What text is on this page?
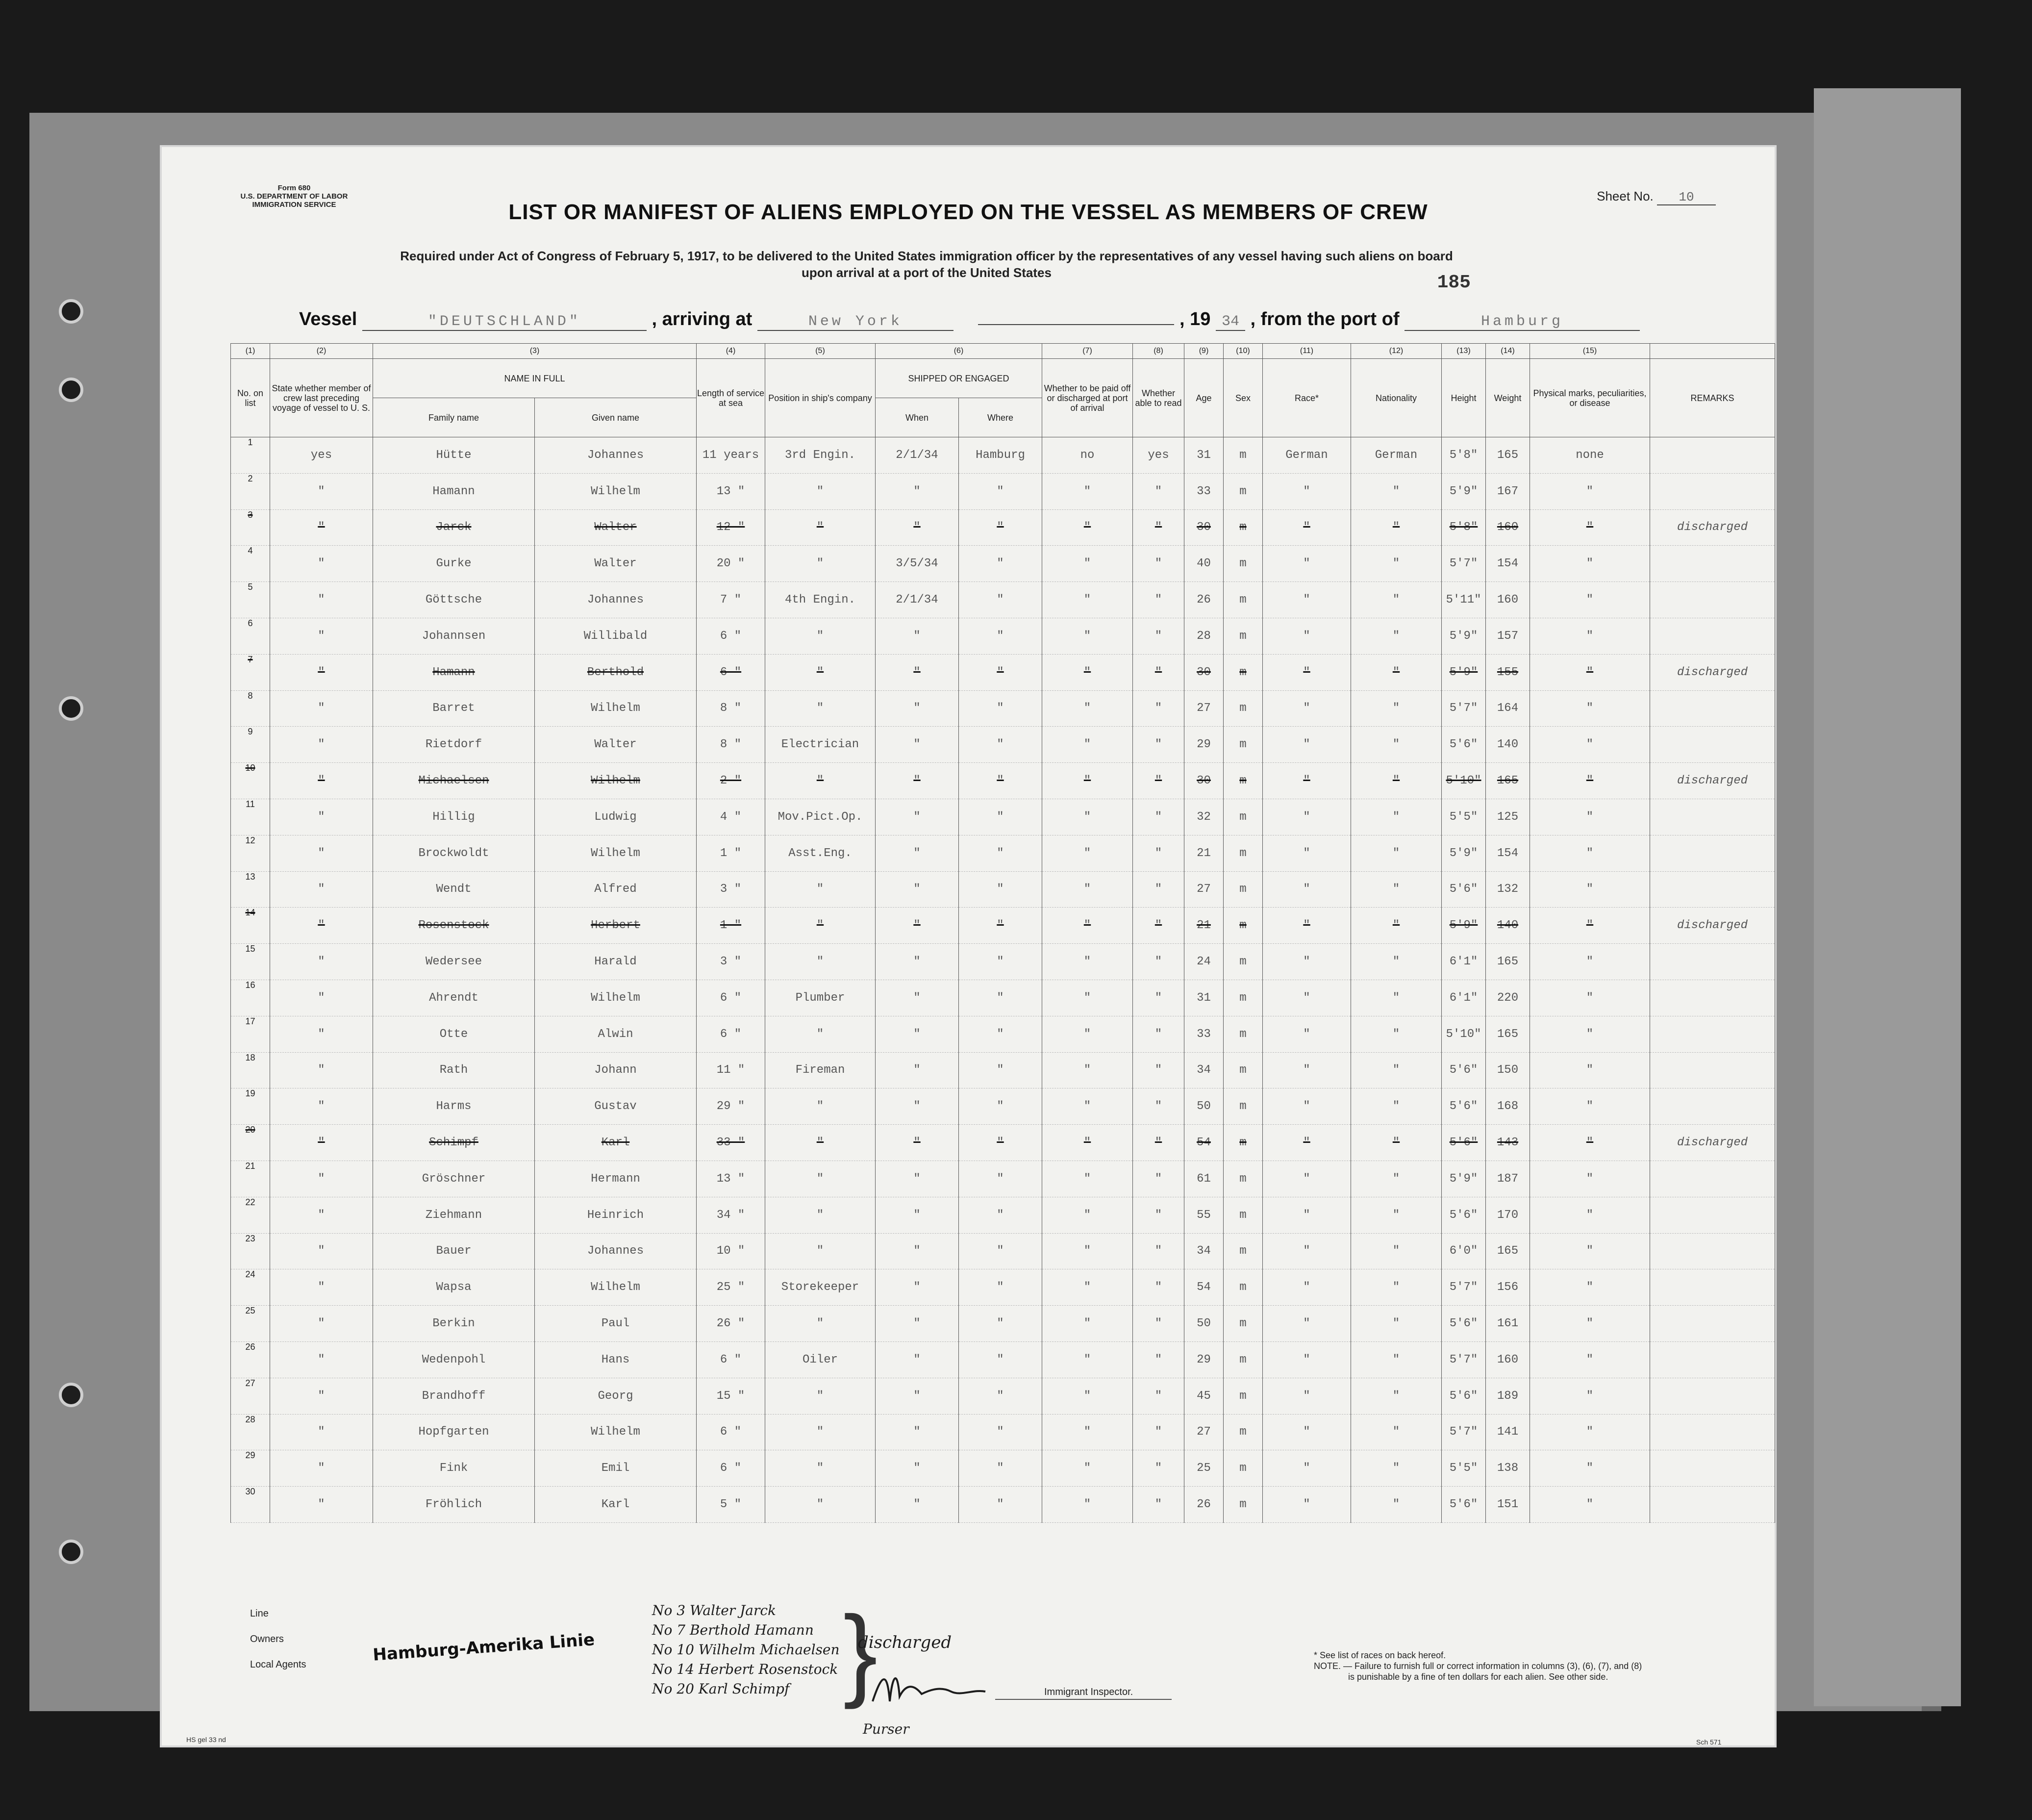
Form 680
U.S. DEPARTMENT OF LABOR
IMMIGRATION SERVICE
Sheet No. 10
LIST OR MANIFEST OF ALIENS EMPLOYED ON THE VESSEL AS MEMBERS OF CREW
Required under Act of Congress of February 5, 1917, to be delivered to the United States immigration officer by the representatives of any vessel having such aliens on board
upon arrival at a port of the United States	185
Vessel	"DEUTSCHLAND"	, arriving at	New York	, 19 34 , from the port of	Hamburg
(1)	(2)	(3)		(4)	(5)	(6)		(7)	(8)	(9)	(10)	(11)	(12)	(13)	(14)	(15)	
No. on list	State whether member of crew last preceding voyage of vessel to U. S.	NAME IN FULL		Length of service at sea	Position in ship's company	SHIPPED OR ENGAGED		Whether to be paid off or discharged at port of arrival	Whether able to read	Age	Sex	Race*	Nationality	Height	Weight	Physical marks, peculiarities, or disease	REMARKS
		Family name	Given name			When	Where										
1	yes	Hütte	Johannes	11 years	3rd Engin.	2/1/34	Hamburg	no	yes	31	m	German	German	5'8"	165	none	
2	"	Hamann	Wilhelm	13 "	"	"	"	"	"	33	m	"	"	5'9"	167	"	
3	"	Jarck	Walter	12 "	"	"	"	"	"	30	m	"	"	5'8"	160	"	discharged
4	"	Gurke	Walter	20 "	"	3/5/34	"	"	"	40	m	"	"	5'7"	154	"	
5	"	Göttsche	Johannes	7 "	4th Engin.	2/1/34	"	"	"	26	m	"	"	5'11"	160	"	
6	"	Johannsen	Willibald	6 "	"	"	"	"	"	28	m	"	"	5'9"	157	"	
7	"	Hamann	Berthold	6 "	"	"	"	"	"	30	m	"	"	5'9"	155	"	discharged
8	"	Barret	Wilhelm	8 "	"	"	"	"	"	27	m	"	"	5'7"	164	"	
9	"	Rietdorf	Walter	8 "	Electrician	"	"	"	"	29	m	"	"	5'6"	140	"	
10	"	Michaelsen	Wilhelm	2 "	"	"	"	"	"	30	m	"	"	5'10"	165	"	discharged
11	"	Hillig	Ludwig	4 "	Mov.Pict.Op.	"	"	"	"	32	m	"	"	5'5"	125	"	
12	"	Brockwoldt	Wilhelm	1 "	Asst.Eng.	"	"	"	"	21	m	"	"	5'9"	154	"	
13	"	Wendt	Alfred	3 "	"	"	"	"	"	27	m	"	"	5'6"	132	"	
14	"	Rosenstock	Herbert	1 "	"	"	"	"	"	21	m	"	"	5'9"	140	"	discharged
15	"	Wedersee	Harald	3 "	"	"	"	"	"	24	m	"	"	6'1"	165	"	
16	"	Ahrendt	Wilhelm	6 "	Plumber	"	"	"	"	31	m	"	"	6'1"	220	"	
17	"	Otte	Alwin	6 "	"	"	"	"	"	33	m	"	"	5'10"	165	"	
18	"	Rath	Johann	11 "	Fireman	"	"	"	"	34	m	"	"	5'6"	150	"	
19	"	Harms	Gustav	29 "	"	"	"	"	"	50	m	"	"	5'6"	168	"	
20	"	Schimpf	Karl	33 "	"	"	"	"	"	54	m	"	"	5'6"	143	"	discharged
21	"	Gröschner	Hermann	13 "	"	"	"	"	"	61	m	"	"	5'9"	187	"	
22	"	Ziehmann	Heinrich	34 "	"	"	"	"	"	55	m	"	"	5'6"	170	"	
23	"	Bauer	Johannes	10 "	"	"	"	"	"	34	m	"	"	6'0"	165	"	
24	"	Wapsa	Wilhelm	25 "	Storekeeper	"	"	"	"	54	m	"	"	5'7"	156	"	
25	"	Berkin	Paul	26 "	"	"	"	"	"	50	m	"	"	5'6"	161	"	
26	"	Wedenpohl	Hans	6 "	Oiler	"	"	"	"	29	m	"	"	5'7"	160	"	
27	"	Brandhoff	Georg	15 "	"	"	"	"	"	45	m	"	"	5'6"	189	"	
28	"	Hopfgarten	Wilhelm	6 "	"	"	"	"	"	27	m	"	"	5'7"	141	"	
29	"	Fink	Emil	6 "	"	"	"	"	"	25	m	"	"	5'5"	138	"	
30	"	Fröhlich	Karl	5 "	"	"	"	"	"	26	m	"	"	5'6"	151	"	
Line
Owners
Local Agents	Hamburg-Amerika Linie
No 3 Walter Jarck
No 7 Berthold Hamann
No 10 Wilhelm Michaelsen
No 14 Herbert Rosenstock
No 20 Karl Schimpf }
discharged
Purser
Immigrant Inspector.
* See list of races on back hereof.
NOTE. — Failure to furnish full or correct information in columns (3), (6), (7), and (8)
is punishable by a fine of ten dollars for each alien. See other side.
HS gel 33 nd	Sch 571
